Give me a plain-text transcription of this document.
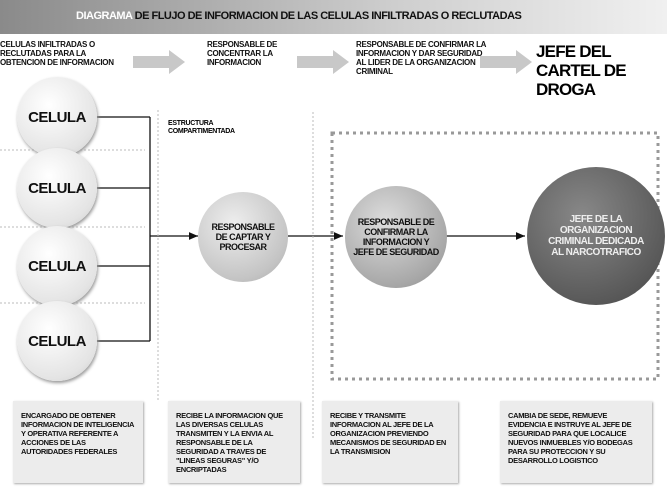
DIAGRAMA DE FLUJO DE INFORMACION DE LAS CELULAS INFILTRADAS O RECLUTADAS
CELULAS INFILTRADAS O RECLUTADAS PARA LA OBTENCION DE INFORMACION
RESPONSABLE DE CONCENTRAR LA INFORMACION
RESPONSABLE DE CONFIRMAR LA INFORMACION Y DAR SEGURIDAD AL LIDER DE LA ORGANIZACION CRIMINAL
JEFE DEL CARTEL DE DROGA
CELULA
CELULA
CELULA
CELULA
ESTRUCTURA COMPARTIMENTADA
RESPONSABLE DE CAPTAR Y PROCESAR
RESPONSABLE DE CONFIRMAR LA INFORMACION Y JEFE DE SEGURIDAD
JEFE DE LA ORGANIZACION CRIMINAL DEDICADA AL NARCOTRAFICO
ENCARGADO DE OBTENER INFORMACION DE INTELIGENCIA Y OPERATIVA REFERENTE A ACCIONES DE LAS AUTORIDADES FEDERALES
RECIBE LA INFORMACION QUE LAS DIVERSAS CELULAS TRANSMITEN Y LA ENVIA AL RESPONSABLE DE LA SEGURIDAD A TRAVES DE "LINEAS SEGURAS" Y/O ENCRIPTADAS
RECIBE Y TRANSMITE INFORMACION AL JEFE DE LA ORGANIZACION PREVIENDO MECANISMOS DE SEGURIDAD EN LA TRANSMISION
CAMBIA DE SEDE, REMUEVE EVIDENCIA E INSTRUYE AL JEFE DE SEGURIDAD PARA QUE LOCALICE NUEVOS INMUEBLES Y/O BODEGAS PARA SU PROTECCION Y SU DESARROLLO LOGISTICO
